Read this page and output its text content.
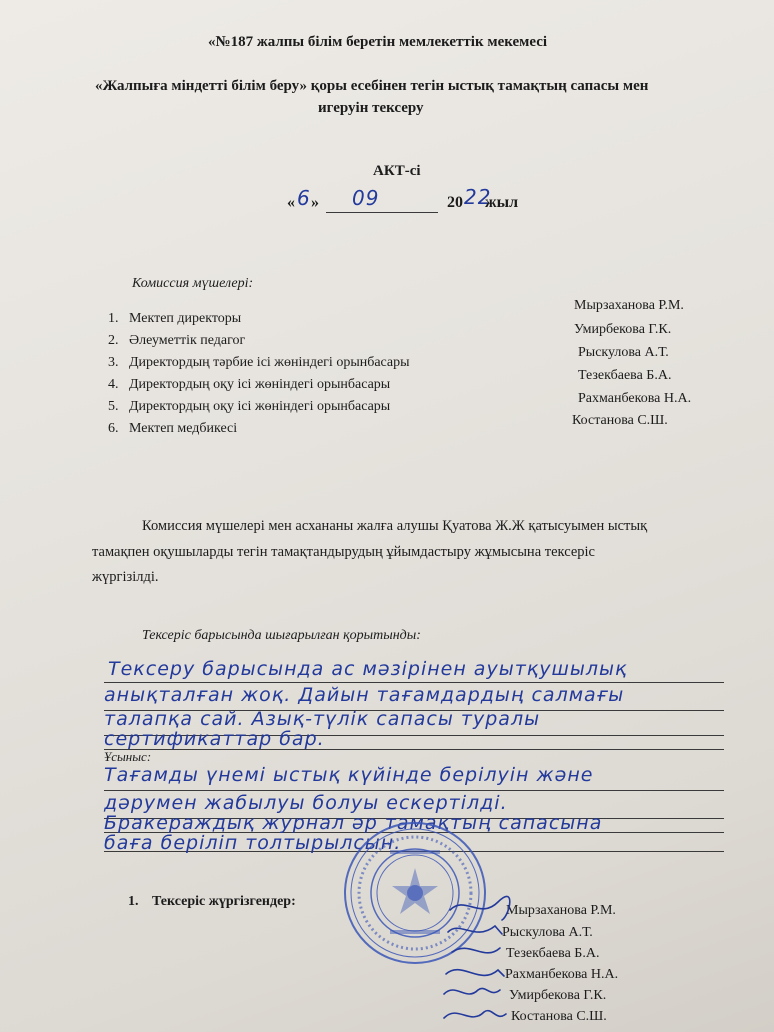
«№187 жалпы білім беретін мемлекеттік мекемесі
«Жалпыға міндетті білім беру» қоры есебінен тегін ыстық тамақтың сапасы мен
игеруін тексеру
АКТ-сі
« 6 » 09	20 22
жыл
Комиссия мүшелері:
1. Мектеп директоры
2. Әлеуметтік педагог
3. Директордың тәрбие ісі жөніндегі орынбасары
4. Директордың оқу ісі жөніндегі орынбасары
5. Директордың оқу ісі жөніндегі орынбасары
6. Мектеп медбикесі
Мырзаханова Р.М.
Умирбекова Г.К.
Рыскулова А.Т.
Тезекбаева Б.А.
Рахманбекова Н.А.
Костанова С.Ш.
Комиссия мүшелері мен асхананы жалға алушы Қуатова Ж.Ж қатысуымен ыстық
тамақпен оқушыларды тегін тамақтандырудың ұйымдастыру жұмысына тексеріс
жүргізілді.
Тексеріс барысында шығарылған қорытынды:
Тексеру барысында ас мәзірінен ауытқушылық
анықталған жоқ. Дайын тағамдардың салмағы
талапқа сай. Азық-түлік сапасы туралы
сертификаттар бар.
Ұсыныс:
Тағамды үнемі ыстық күйінде берілуін және
дәрумен жабылуы болуы ескертілді.
Бракераждық журнал әр тамақтың сапасына
баға беріліп толтырылсын.
1. Тексеріс жүргізгендер:
Мырзаханова Р.М.
Рыскулова А.Т.
Тезекбаева Б.А.
Рахманбекова Н.А.
Умирбекова Г.К.
Костанова С.Ш.
